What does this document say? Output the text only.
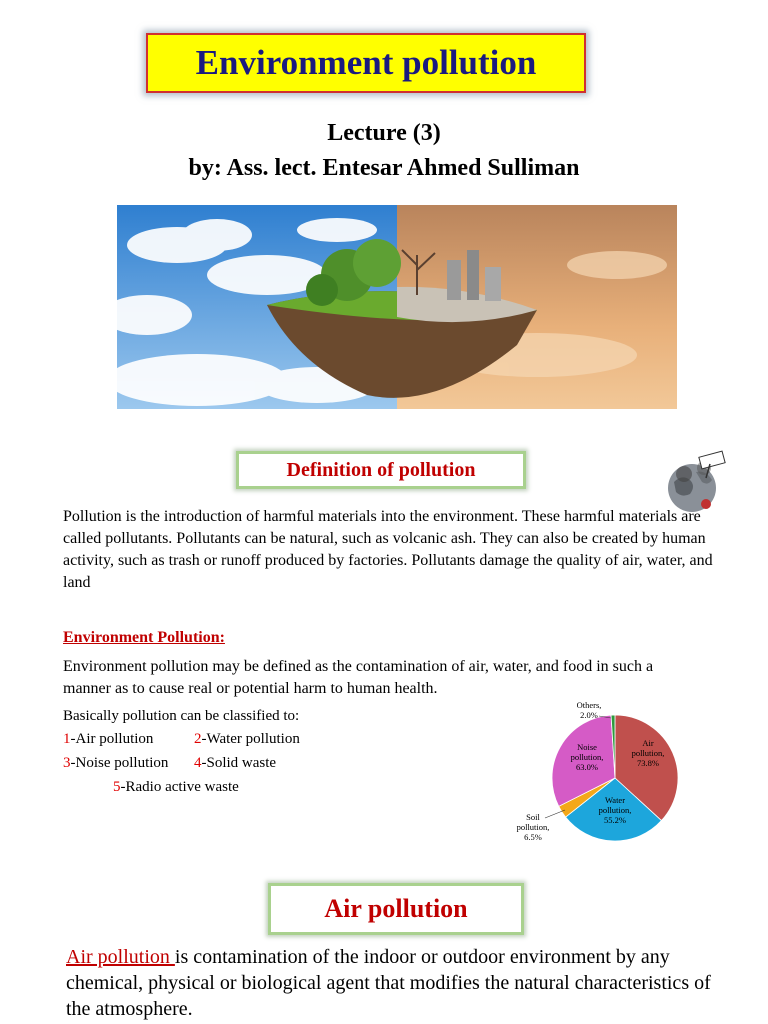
Environment pollution
Lecture (3)
by: Ass. lect. Entesar Ahmed Sulliman
Definition of pollution
Pollution is the introduction of harmful materials into the environment. These harmful materials are called pollutants. Pollutants can be natural, such as volcanic ash. They can also be created by human activity, such as trash or runoff produced by factories. Pollutants damage the quality of air, water, and land
Environment Pollution:
Environment pollution may be defined as the contamination of air, water, and food in such a manner as to cause real or potential harm to human health.
Basically pollution can be classified to:
1-Air pollution	2-Water pollution
3-Noise pollution 4-Solid waste
5-Radio active waste
Air pollution, 73.8%
Water pollution, 55.2%
Soil pollution, 6.5%
Noise pollution, 63.0%
Others, 2.0%
Air pollution
Air pollution is contamination of the indoor or outdoor environment by any chemical, physical or biological agent that modifies the natural characteristics of the atmosphere.
